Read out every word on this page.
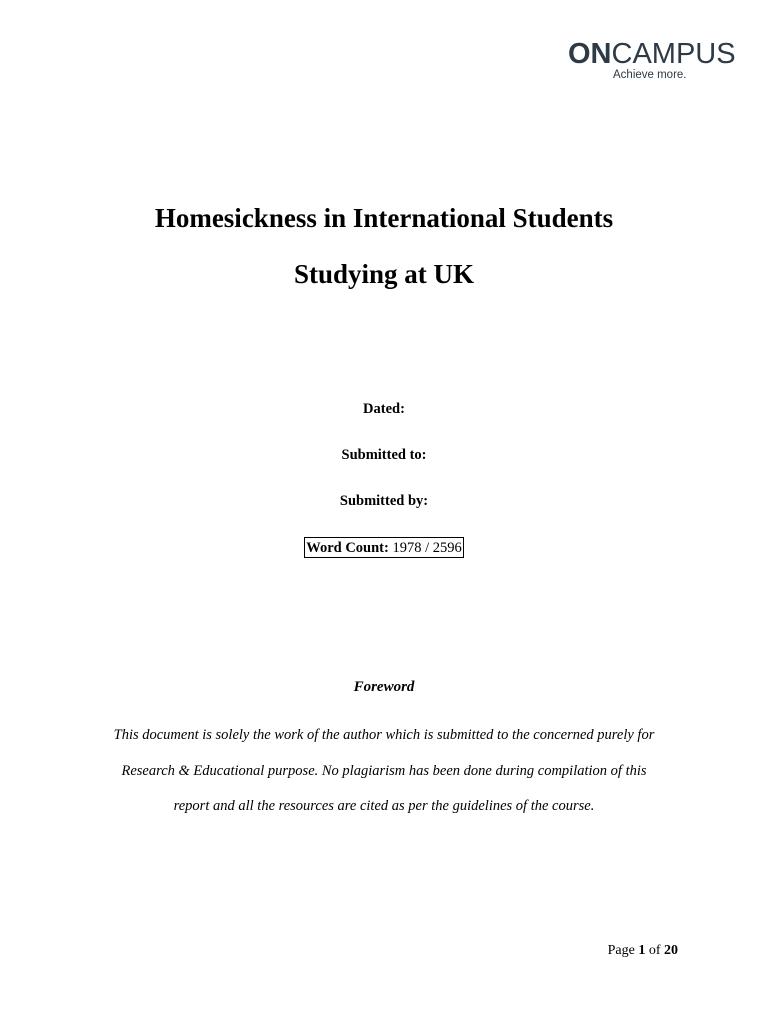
ONCAMPUS
Achieve more.
Homesickness in International Students
Studying at UK
Dated:
Submitted to:
Submitted by:
Word Count: 1978 / 2596
Foreword
This document is solely the work of the author which is submitted to the concerned purely for
Research & Educational purpose. No plagiarism has been done during compilation of this
report and all the resources are cited as per the guidelines of the course.
Page 1 of 20
